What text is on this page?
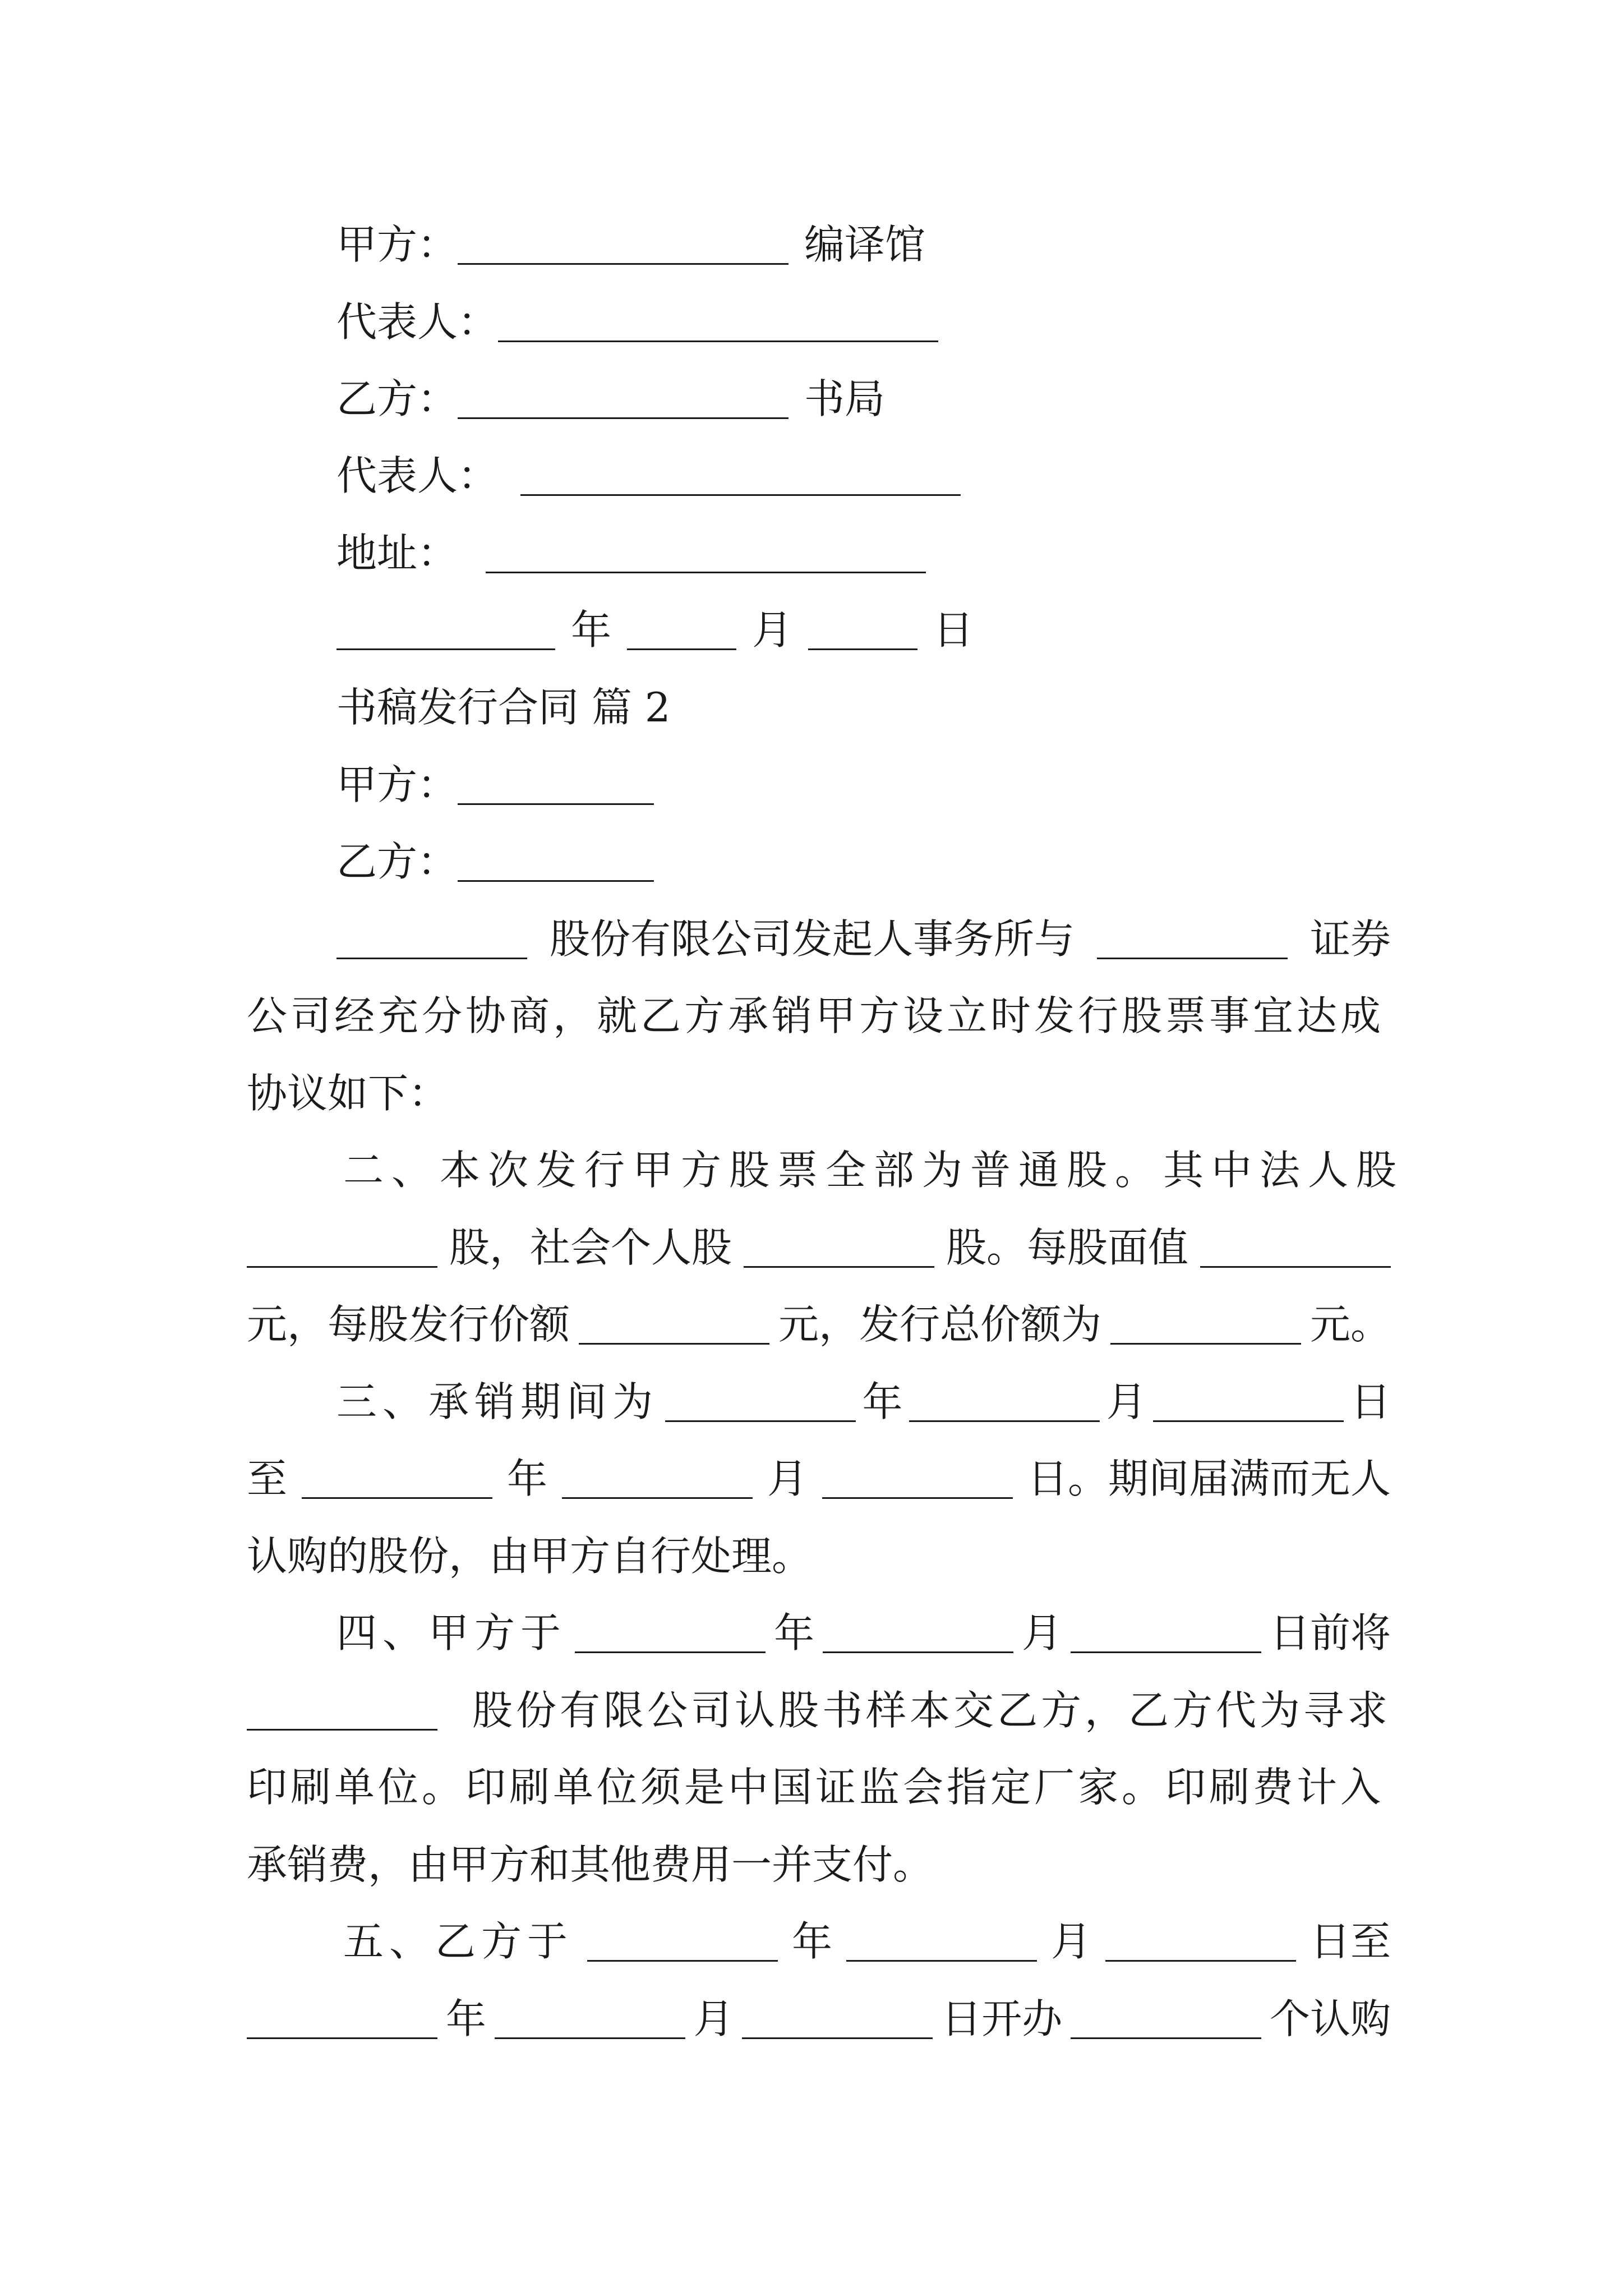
甲方：	编译馆
代表人：
乙方：	书局
代表人：
地址：
年	月	日
书稿发行合同 篇 2
甲方：
乙方：
股份有限公司发起人事务所与	证券
公司经充分协商，就乙方承销甲方设立时发行股票事宜达成
协议如下：
二、本次发行甲方股票全部为普通股。其中法人股
股，社会个人股	股。每股面值
元，每股发行价额	元，发行总价额为	元。
三、承销期间为	年	月	日
至	年	月	日。期间届满而无人
认购的股份，由甲方自行处理。
四、甲方于	年	月	日前将
股份有限公司认股书样本交乙方，乙方代为寻求
印刷单位。印刷单位须是中国证监会指定厂家。印刷费计入
承销费，由甲方和其他费用一并支付。
五、乙方于	年	月	日至
年	月	日开办	个认购
